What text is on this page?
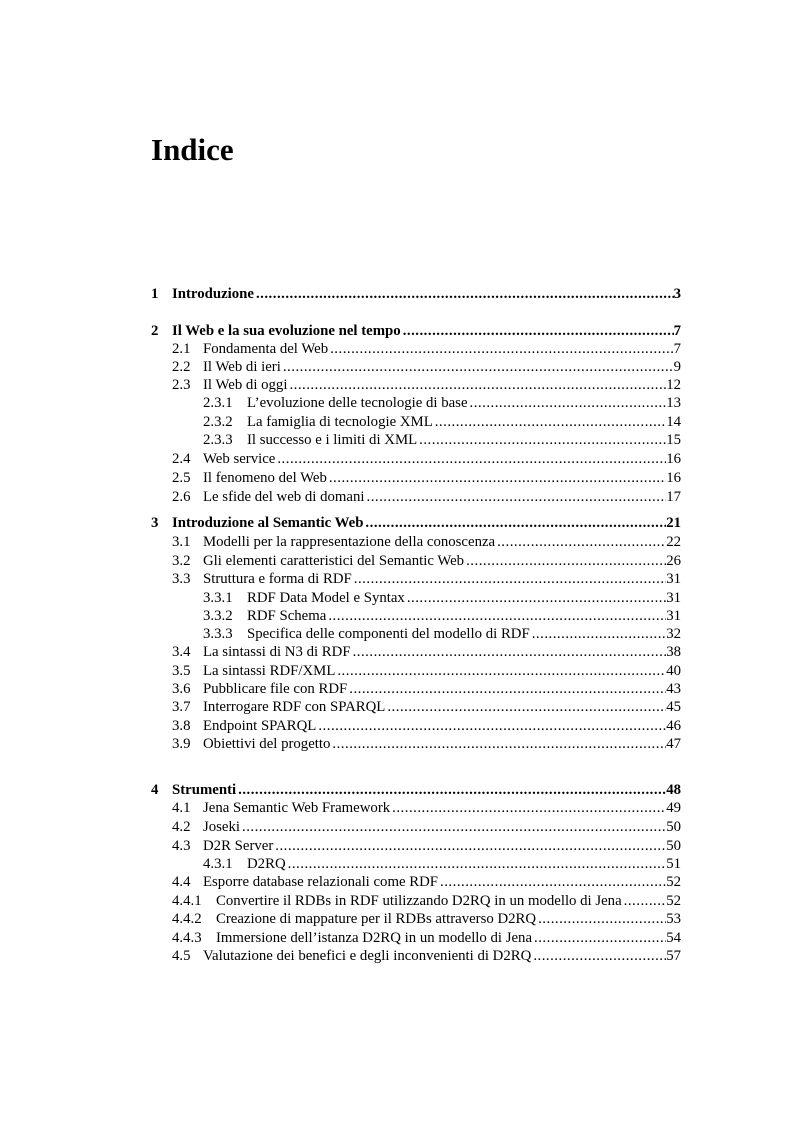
Indice
1 Introduzione .....	3
2 Il Web e la sua evoluzione nel tempo .....	7
2.1 Fondamenta del Web .....	7
2.2 Il Web di ieri .....	9
2.3 Il Web di oggi .....	12
2.3.1 L’evoluzione delle tecnologie di base .....	13
2.3.2 La famiglia di tecnologie XML .....	14
2.3.3 Il successo e i limiti di XML .....	15
2.4 Web service .....	16
2.5 Il fenomeno del Web .....	16
2.6 Le sfide del web di domani .....	17
3 Introduzione al Semantic Web .....	21
3.1 Modelli per la rappresentazione della conoscenza .....	22
3.2 Gli elementi caratteristici del Semantic Web .....	26
3.3 Struttura e forma di RDF .....	31
3.3.1 RDF Data Model e Syntax .....	31
3.3.2 RDF Schema .....	31
3.3.3 Specifica delle componenti del modello di RDF .....	32
3.4 La sintassi di N3 di RDF .....	38
3.5 La sintassi RDF/XML .....	40
3.6 Pubblicare file con RDF .....	43
3.7 Interrogare RDF con SPARQL .....	45
3.8 Endpoint SPARQL .....	46
3.9 Obiettivi del progetto .....	47
4 Strumenti .....	48
4.1 Jena Semantic Web Framework .....	49
4.2 Joseki .....	50
4.3 D2R Server .....	50
4.3.1 D2RQ .....	51
4.4 Esporre database relazionali come RDF .....	52
4.4.1 Convertire il RDBs in RDF utilizzando D2RQ in un modello di Jena .....	52
4.4.2 Creazione di mappature per il RDBs attraverso D2RQ .....	53
4.4.3 Immersione dell’istanza D2RQ in un modello di Jena .....	54
4.5 Valutazione dei benefici e degli inconvenienti di D2RQ .....	57
